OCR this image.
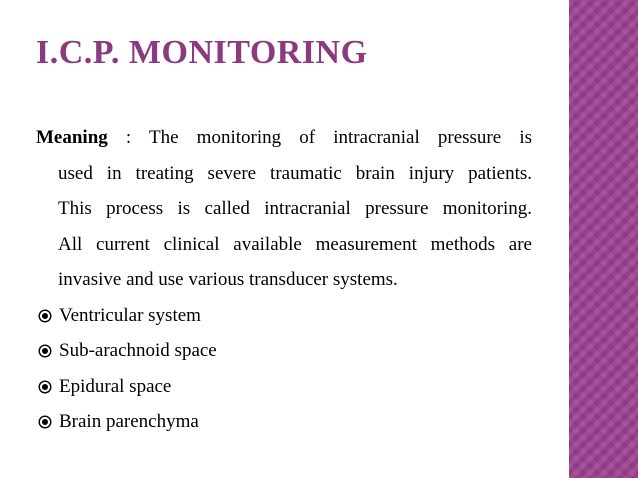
I.C.P. MONITORING

Meaning : The monitoring of intracranial pressure is
used in treating severe traumatic brain injury patients.
This process is called intracranial pressure monitoring.
All current clinical available measurement methods are
invasive and use various transducer systems.

Ventricular system
Sub-arachnoid space
Epidural space
Brain parenchyma
